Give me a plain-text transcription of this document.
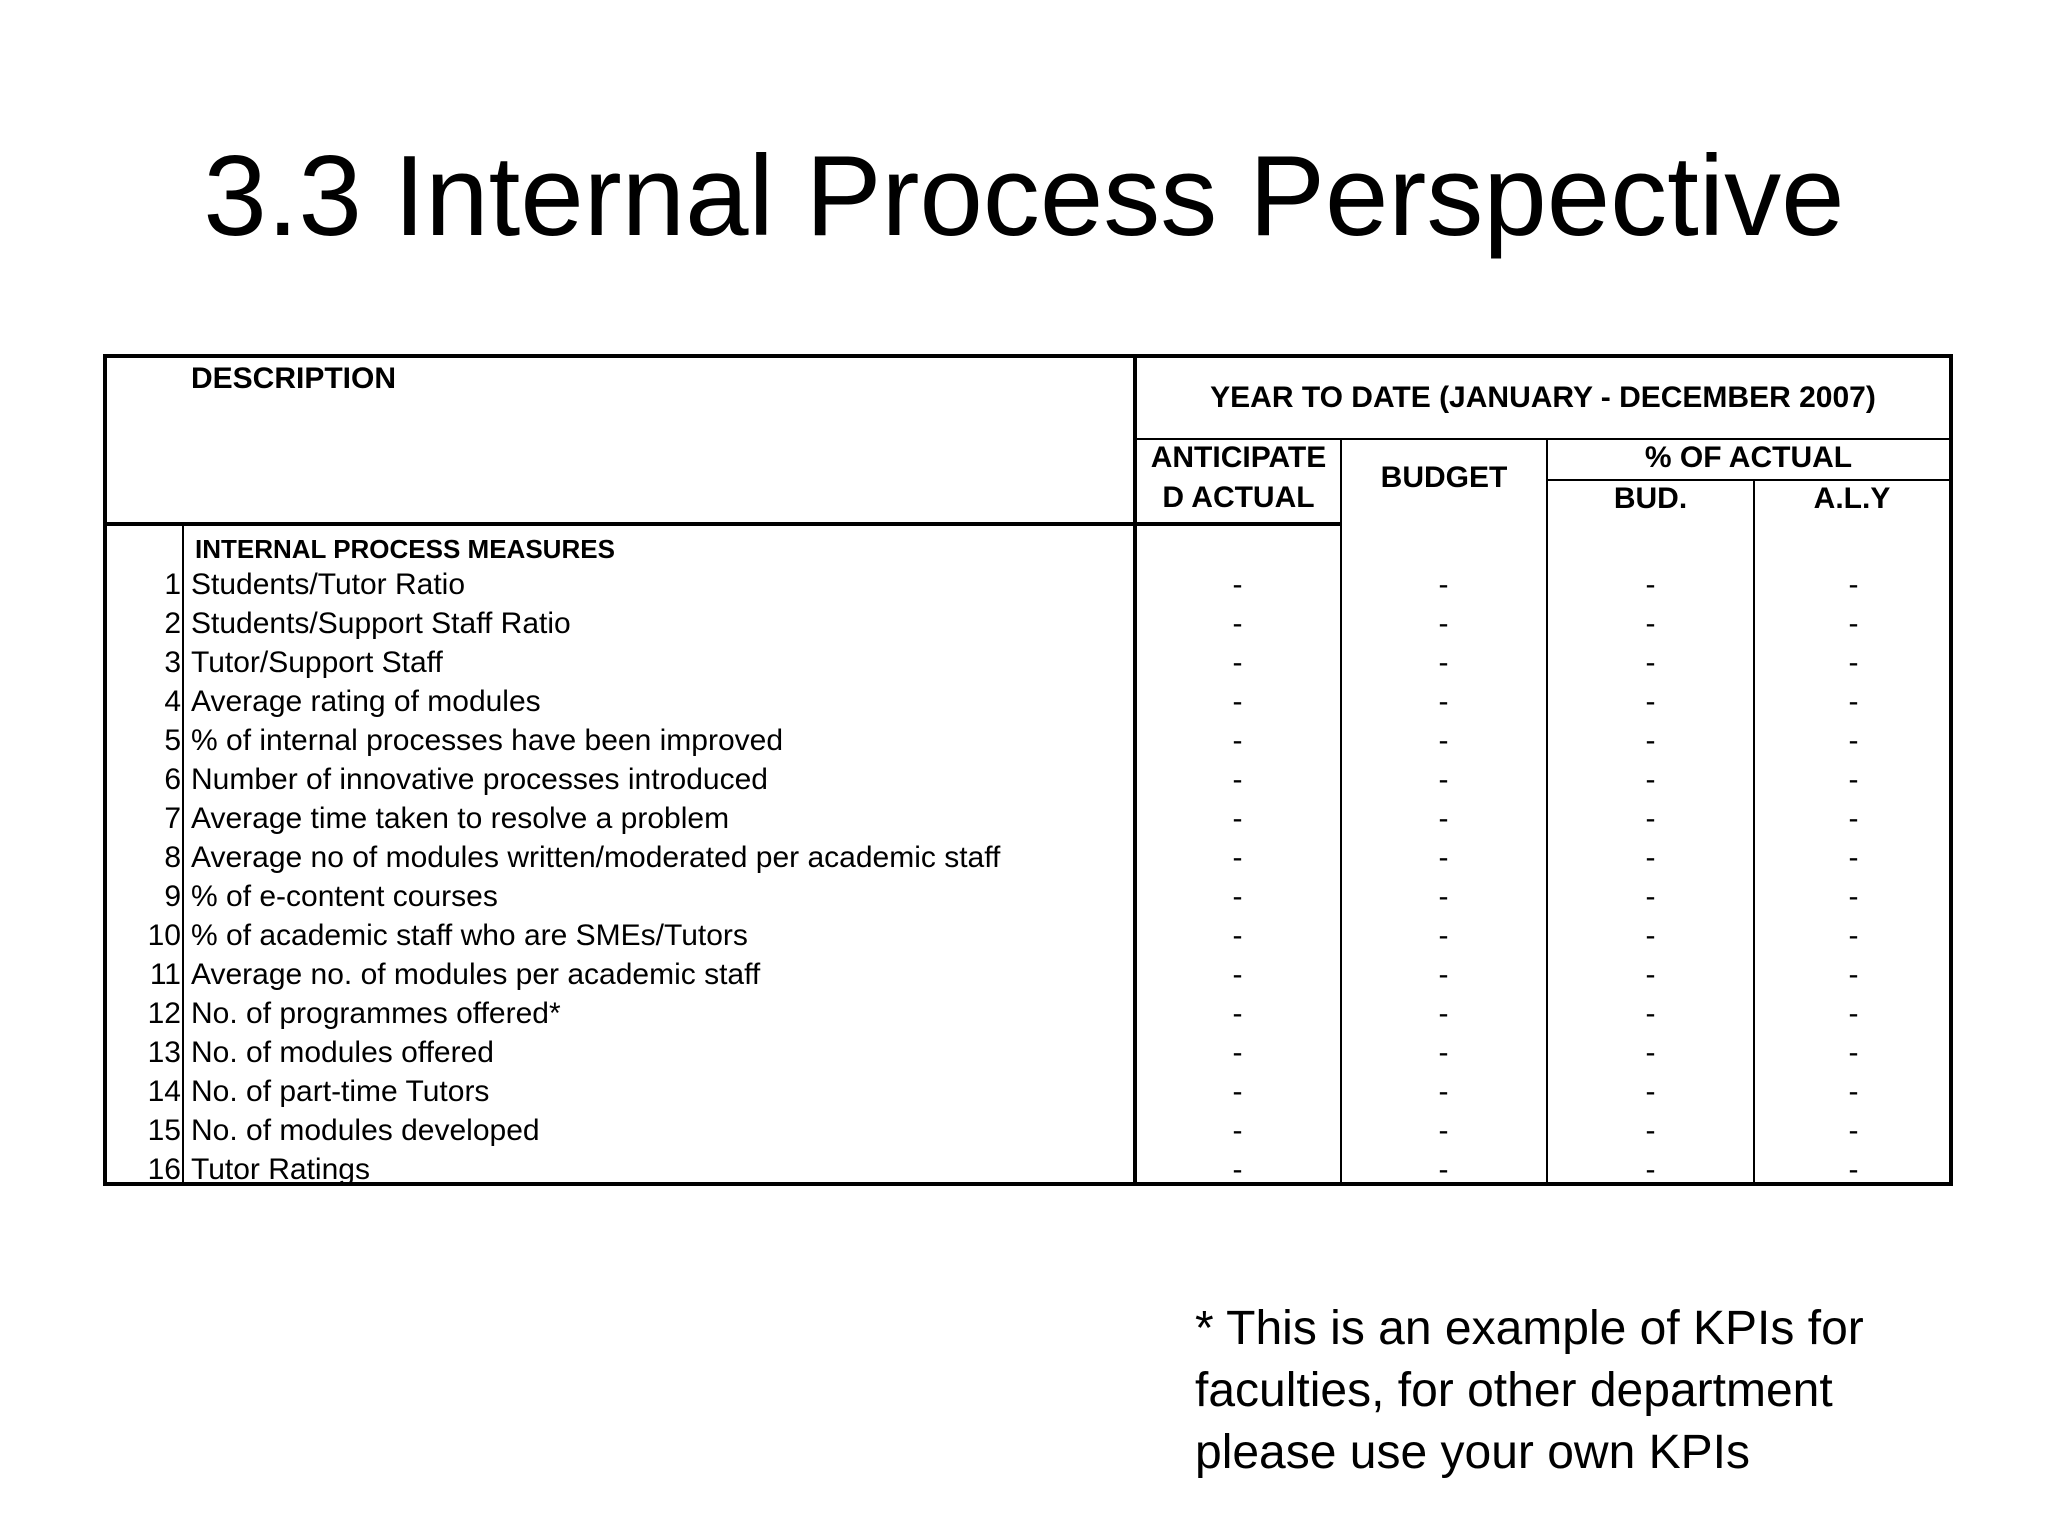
3.3 Internal Process Perspective
DESCRIPTION
YEAR TO DATE (JANUARY - DECEMBER 2007)
ANTICIPATE
D ACTUAL
BUDGET
% OF ACTUAL
BUD.	A.L.Y
INTERNAL PROCESS MEASURES
1 Students/Tutor Ratio	-	-	-	-
2 Students/Support Staff Ratio	-	-	-	-
3 Tutor/Support Staff	-	-	-	-
4 Average rating of modules	-	-	-	-
5 % of internal processes have been improved	-	-	-	-
6 Number of innovative processes introduced	-	-	-	-
7 Average time taken to resolve a problem	-	-	-	-
8 Average no of modules written/moderated per academic staff	-	-	-	-
9 % of e-content courses	-	-	-	-
10 % of academic staff who are SMEs/Tutors	-	-	-	-
11 Average no. of modules per academic staff	-	-	-	-
12 No. of programmes offered*	-	-	-	-
13 No. of modules offered	-	-	-	-
14 No. of part-time Tutors	-	-	-	-
15 No. of modules developed	-	-	-	-
16 Tutor Ratings	-	-	-	-
* This is an example of KPIs for
faculties, for other department
please use your own KPIs
